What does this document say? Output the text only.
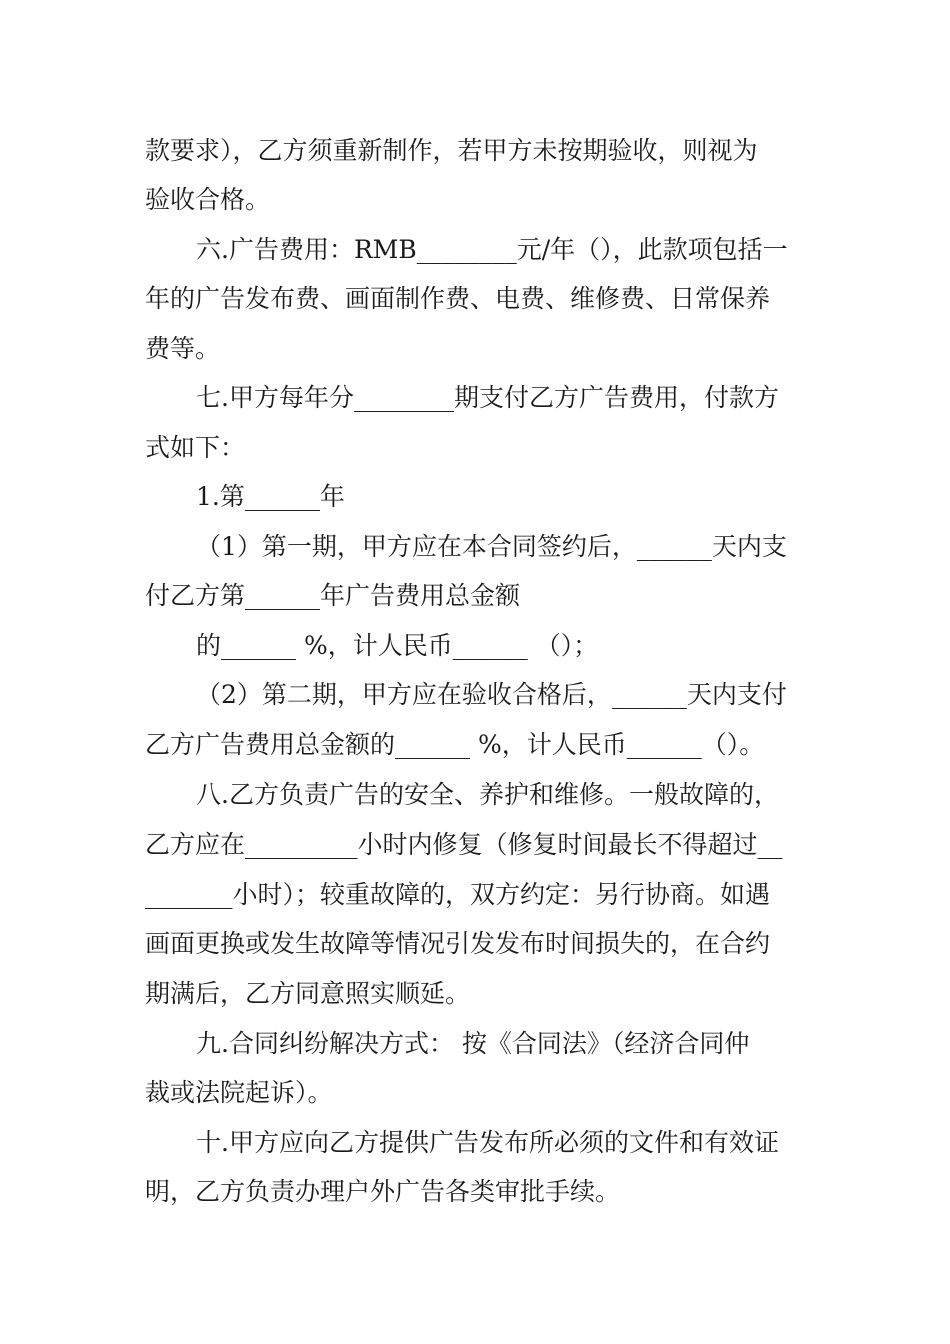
款要求），乙方须重新制作，若甲方未按期验收，则视为
验收合格。
六.广告费用：RMB________元/年（），此款项包括一
年的广告发布费、画面制作费、电费、维修费、日常保养
费等。
七.甲方每年分________期支付乙方广告费用，付款方
式如下：
1.第______年
（1）第一期，甲方应在本合同签约后，______天内支
付乙方第______年广告费用总金额
的______ %，计人民币______ （）；
（2）第二期，甲方应在验收合格后，______天内支付
乙方广告费用总金额的______ %，计人民币______（）。
八.乙方负责广告的安全、养护和维修。一般故障的，
乙方应在_________小时内修复（修复时间最长不得超过__
_______小时）；较重故障的，双方约定：另行协商。如遇
画面更换或发生故障等情况引发发布时间损失的，在合约
期满后，乙方同意照实顺延。
九.合同纠纷解决方式： 按《合同法》（经济合同仲
裁或法院起诉）。
十.甲方应向乙方提供广告发布所必须的文件和有效证
明，乙方负责办理户外广告各类审批手续。
